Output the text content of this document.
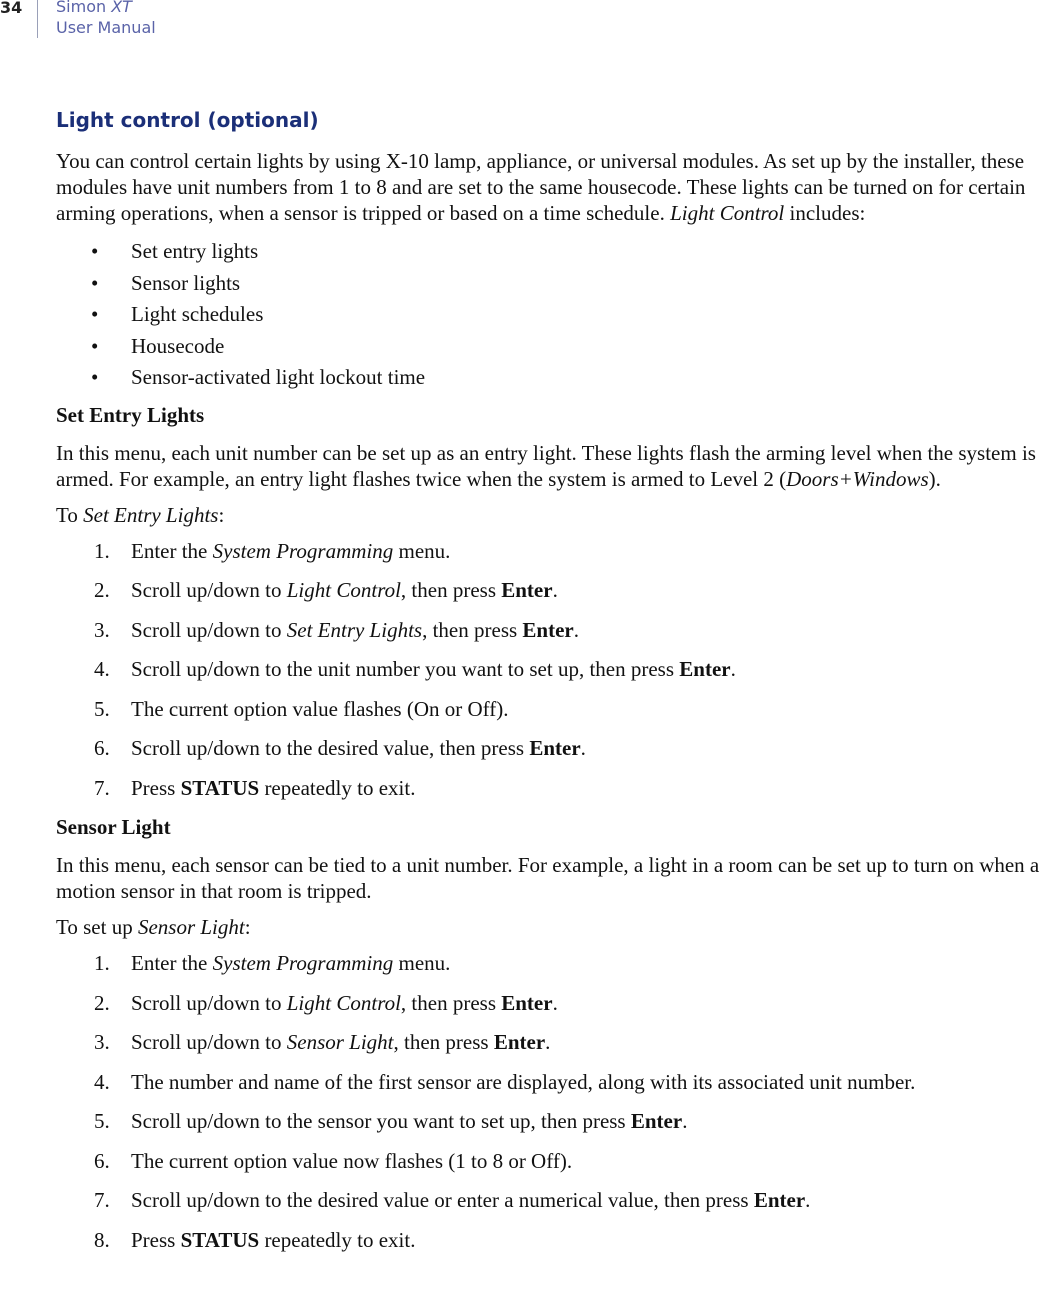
34 Simon XT
User Manual
Light control (optional)

You can control certain lights by using X-10 lamp, appliance, or universal modules. As set up by the installer, these modules have unit numbers from 1 to 8 and are set to the same housecode. These lights can be turned on for certain arming operations, when a sensor is tripped or based on a time schedule. Light Control includes:

• Set entry lights
• Sensor lights
• Light schedules
• Housecode
• Sensor-activated light lockout time
Set Entry Lights

In this menu, each unit number can be set up as an entry light. These lights flash the arming level when the system is armed. For example, an entry light flashes twice when the system is armed to Level 2 (Doors+Windows).

To Set Entry Lights:

1. Enter the System Programming menu.
2. Scroll up/down to Light Control, then press Enter.
3. Scroll up/down to Set Entry Lights, then press Enter.
4. Scroll up/down to the unit number you want to set up, then press Enter.
5. The current option value flashes (On or Off).
6. Scroll up/down to the desired value, then press Enter.
7. Press STATUS repeatedly to exit.
Sensor Light

In this menu, each sensor can be tied to a unit number. For example, a light in a room can be set up to turn on when a motion sensor in that room is tripped.

To set up Sensor Light:

1. Enter the System Programming menu.
2. Scroll up/down to Light Control, then press Enter.
3. Scroll up/down to Sensor Light, then press Enter.
4. The number and name of the first sensor are displayed, along with its associated unit number.
5. Scroll up/down to the sensor you want to set up, then press Enter.
6. The current option value now flashes (1 to 8 or Off).
7. Scroll up/down to the desired value or enter a numerical value, then press Enter.
8. Press STATUS repeatedly to exit.
